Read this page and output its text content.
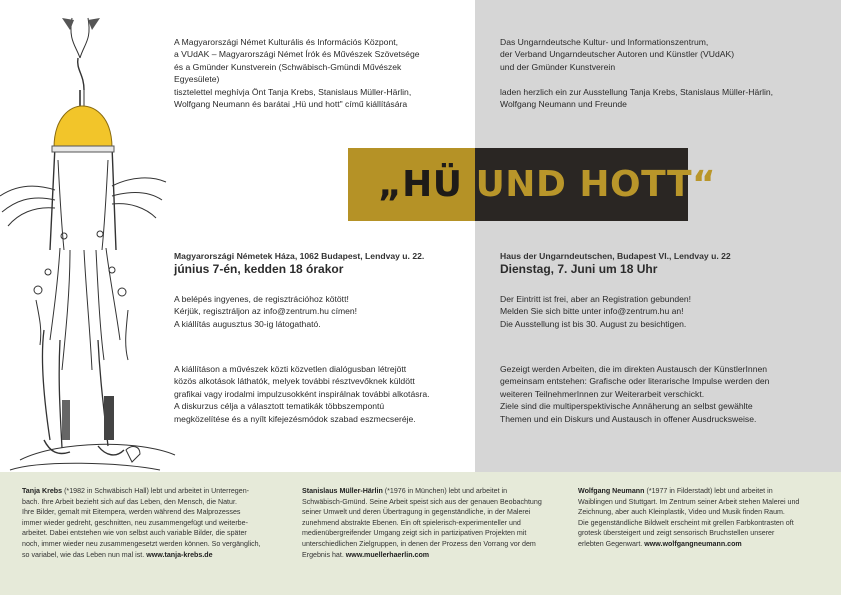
A Magyarországi Német Kulturális és Információs Központ,

a VUdAK – Magyarországi Német Írók és Művészek Szövetsége

és a Gmünder Kunstverein (Schwäbisch-Gmündi Művészek

Egyesülete)

tisztelettel meghívja Önt Tanja Krebs, Stanislaus Müller-Härlin,

Wolfgang Neumann és barátai „Hü und hott" című kiállítására

Das Ungarndeutsche Kultur- und Informationszentrum,

der Verband Ungarndeutscher Autoren und Künstler (VUdAK)

und der Gmünder Kunstverein

laden herzlich ein zur Ausstellung Tanja Krebs, Stanislaus Müller-Härlin,

Wolfgang Neumann und Freunde

„HÜ UND HOTT“
Magyarországi Németek Háza, 1062 Budapest, Lendvay u. 22.
június 7-én, kedden 18 órakor
Haus der Ungarndeutschen, Budapest VI., Lendvay u. 22
Dienstag, 7. Juni um 18 Uhr

A belépés ingyenes, de regisztrációhoz kötött!

Kérjük, regisztráljon az info@zentrum.hu címen!

A kiállítás augusztus 30-ig látogatható.

Der Eintritt ist frei, aber an Registration gebunden!

Melden Sie sich bitte unter info@zentrum.hu an!

Die Ausstellung ist bis 30. August zu besichtigen.

A kiállításon a művészek közti közvetlen dialógusban létrejött

közös alkotások láthatók, melyek további résztvevőknek küldött

grafikai vagy irodalmi impulzusokként inspirálnak további alkotásra.

A diskurzus célja a választott tematikák többszempontú

megközelítése és a nyílt kifejezésmódok szabad eszmecseréje.

Gezeigt werden Arbeiten, die im direkten Austausch der KünstlerInnen

gemeinsam entstehen: Grafische oder literarische Impulse werden den

weiteren TeilnehmerInnen zur Weiterarbeit verschickt.

Ziele sind die multiperspektivische Annäherung an selbst gewählte

Themen und ein Diskurs und Austausch in offener Ausdrucksweise.

Tanja Krebs (*1982 in Schwäbisch Hall) lebt und arbeitet in Unterregen-
bach. Ihre Arbeit bezieht sich auf das Leben, den Mensch, die Natur.
Ihre Bilder, gemalt mit Eitempera, werden während des Malprozesses
immer wieder gedreht, geschnitten, neu zusammengefügt und weiterbe-
arbeitet. Dabei entstehen wie von selbst auch variable Bilder, die später
noch, immer wieder neu zusammengesetzt werden können. So vergänglich,
so variabel, wie das Leben nun mal ist. www.tanja-krebs.de
Stanislaus Müller-Härlin (*1976 in München) lebt und arbeitet in
Schwäbisch-Gmünd. Seine Arbeit speist sich aus der genauen Beobachtung
seiner Umwelt und deren Übertragung in gegenständliche, in der Malerei
zunehmend abstrakte Ebenen. Ein oft spielerisch-experimenteller und
medienübergreifender Umgang zeigt sich in partizipativen Projekten mit
unterschiedlichen Zielgruppen, in denen der Prozess den Vorrang vor dem
Ergebnis hat. www.muellerhaerlin.com
Wolfgang Neumann (*1977 in Filderstadt) lebt und arbeitet in
Waiblingen und Stuttgart. Im Zentrum seiner Arbeit stehen Malerei und
Zeichnung, aber auch Kleinplastik, Video und Musik finden Raum.
Die gegenständliche Bildwelt erscheint mit grellen Farbkontrasten oft
grotesk übersteigert und zeigt sensorisch Bruchstellen unserer
erlebten Gegenwart. www.wolfgangneumann.com
